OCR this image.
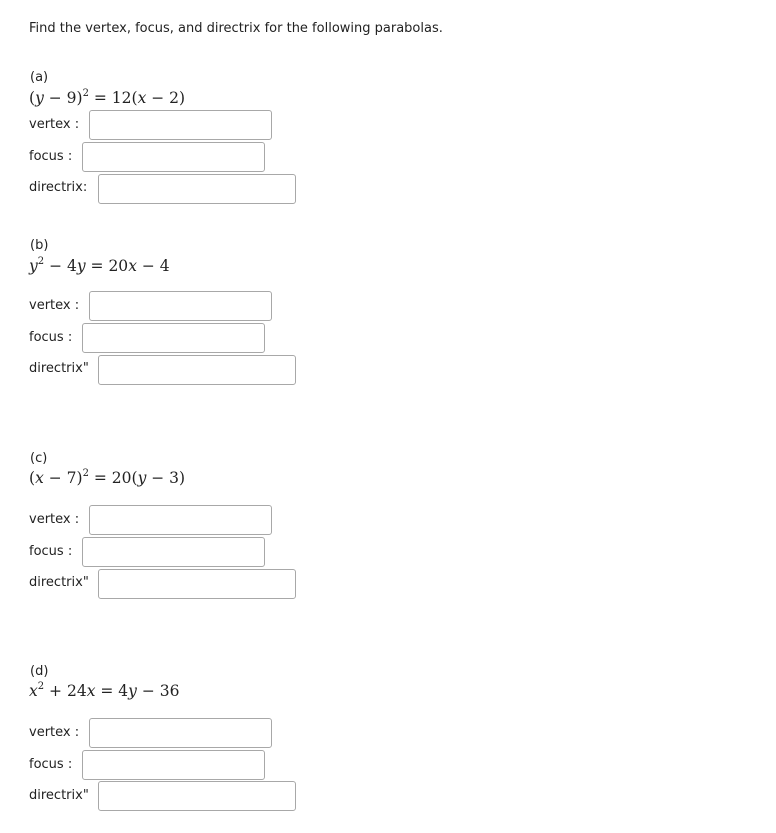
Find the vertex, focus, and directrix for the following parabolas.
(a)
$(y - 9)^2 = 12(x - 2)$
vertex :
focus :
directrix:
(b)
$y^2 - 4y = 20x - 4$
vertex :
focus :
directrix"
(c)
$(x - 7)^2 = 20(y - 3)$
vertex :
focus :
directrix"
(d)
$x^2 + 24x = 4y - 36$
vertex :
focus :
directrix"
